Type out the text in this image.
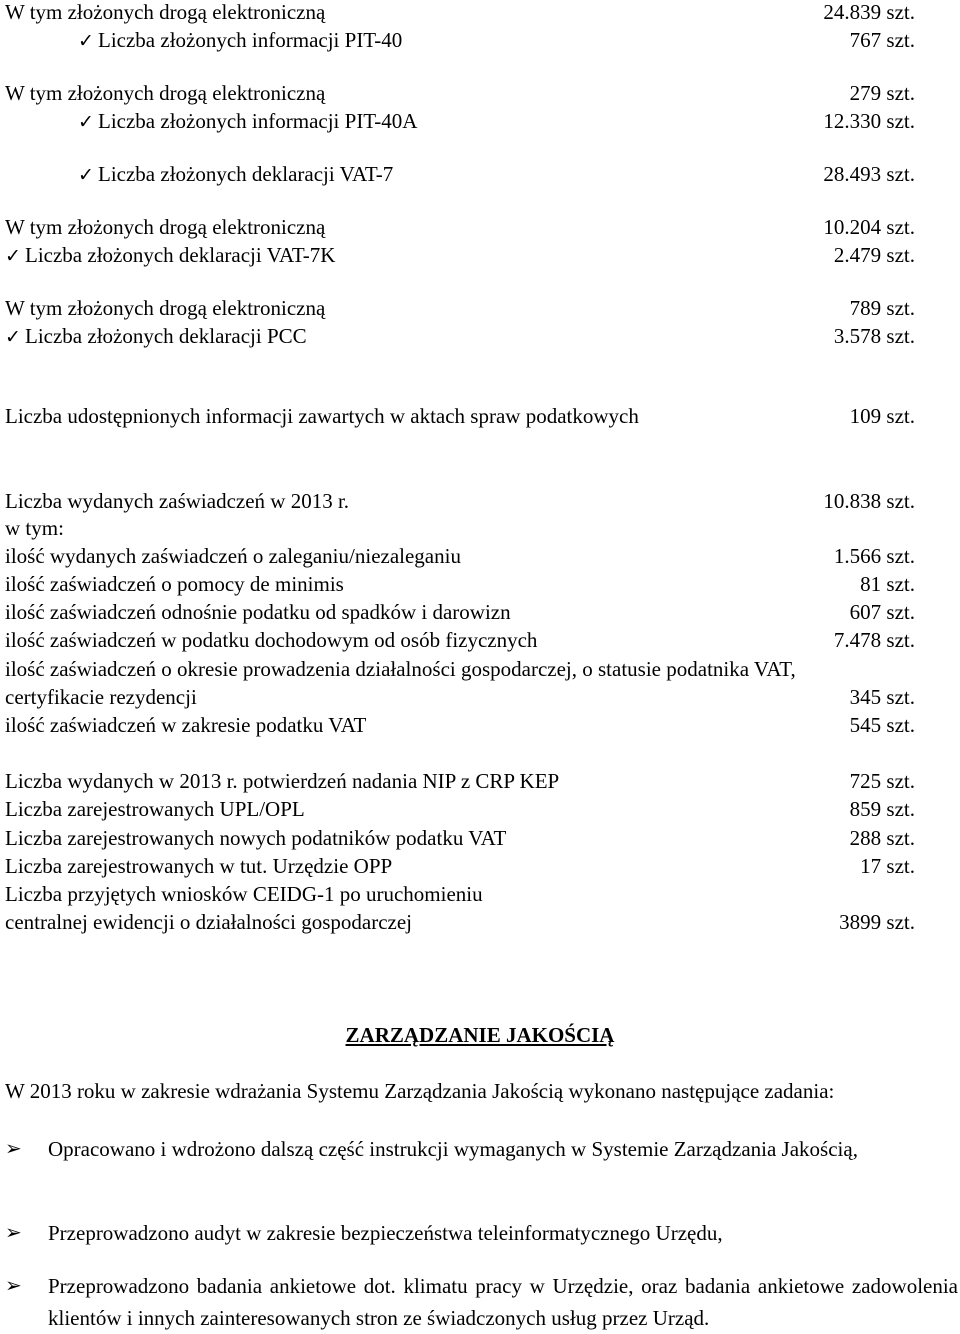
W tym złożonych drogą elektroniczną	24.839 szt.
✓ Liczba złożonych informacji PIT-40	767 szt.
W tym złożonych drogą elektroniczną	279 szt.
✓ Liczba złożonych informacji PIT-40A	12.330 szt.
✓ Liczba złożonych deklaracji VAT-7	28.493 szt.
W tym złożonych drogą elektroniczną	10.204 szt.
✓ Liczba złożonych deklaracji VAT-7K	2.479 szt.
W tym złożonych drogą elektroniczną	789 szt.
✓ Liczba złożonych deklaracji PCC	3.578 szt.
Liczba udostępnionych informacji zawartych w aktach spraw podatkowych	109 szt.
Liczba wydanych zaświadczeń w 2013 r.	10.838 szt.
w tym:
ilość wydanych zaświadczeń o zaleganiu/niezaleganiu	1.566 szt.
ilość zaświadczeń o pomocy de minimis	81 szt.
ilość zaświadczeń odnośnie podatku od spadków i darowizn	607 szt.
ilość zaświadczeń w podatku dochodowym od osób fizycznych	7.478 szt.
ilość zaświadczeń o okresie prowadzenia działalności gospodarczej, o statusie podatnika VAT,
certyfikacie rezydencji	345 szt.
ilość zaświadczeń w zakresie podatku VAT	545 szt.
Liczba wydanych w 2013 r. potwierdzeń nadania NIP z CRP KEP	725 szt.
Liczba zarejestrowanych UPL/OPL	859 szt.
Liczba zarejestrowanych nowych podatników podatku VAT	288 szt.
Liczba zarejestrowanych w tut. Urzędzie OPP	17 szt.
Liczba przyjętych wniosków CEIDG-1 po uruchomieniu
centralnej ewidencji o działalności gospodarczej	3899 szt.
ZARZĄDZANIE JAKOŚCIĄ
W 2013 roku w zakresie wdrażania Systemu Zarządzania Jakością wykonano następujące zadania:
➢	Opracowano i wdrożono dalszą część instrukcji wymaganych w Systemie Zarządzania Jakością,
➢	Przeprowadzono audyt w zakresie bezpieczeństwa teleinformatycznego Urzędu,
➢	Przeprowadzono badania ankietowe dot. klimatu pracy w Urzędzie, oraz badania ankietowe zadowolenia klientów i innych zainteresowanych stron ze świadczonych usług przez Urząd.
